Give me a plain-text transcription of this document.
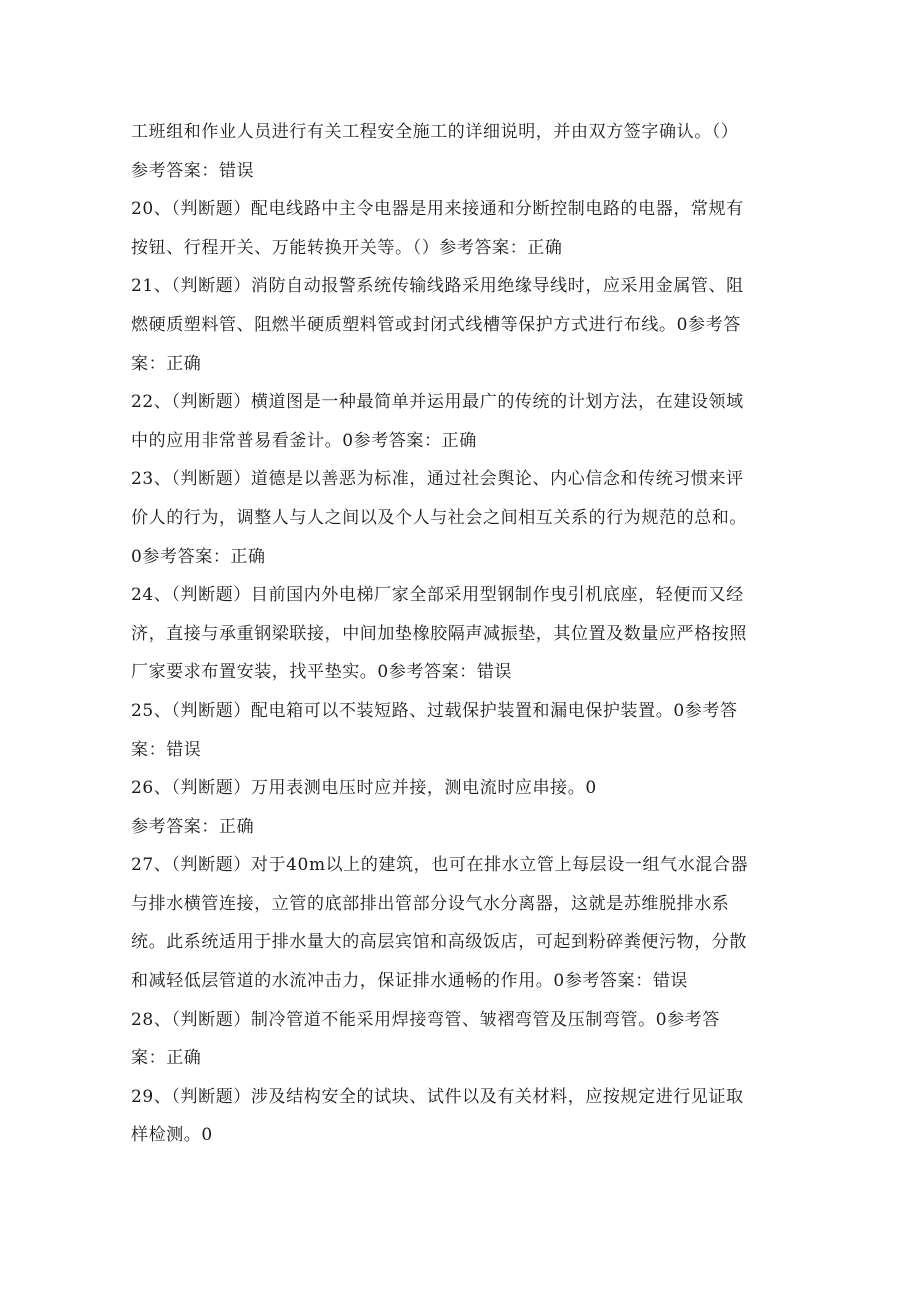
工班组和作业人员进行有关工程安全施工的详细说明，并由双方签字确认。（）
参考答案：错误
20、（判断题）配电线路中主令电器是用来接通和分断控制电路的电器，常规有
按钮、行程开关、万能转换开关等。（）参考答案：正确
21、（判断题）消防自动报警系统传输线路采用绝缘导线时，应采用金属管、阻
燃硬质塑料管、阻燃半硬质塑料管或封闭式线槽等保护方式进行布线。0参考答
案：正确
22、（判断题）横道图是一种最简单并运用最广的传统的计划方法，在建设领域
中的应用非常普易看釜计。0参考答案：正确
23、（判断题）道德是以善恶为标准，通过社会舆论、内心信念和传统习惯来评
价人的行为，调整人与人之间以及个人与社会之间相互关系的行为规范的总和。
0参考答案：正确
24、（判断题）目前国内外电梯厂家全部采用型钢制作曳引机底座，轻便而又经
济，直接与承重钢梁联接，中间加垫橡胶隔声减振垫，其位置及数量应严格按照
厂家要求布置安装，找平垫实。0参考答案：错误
25、（判断题）配电箱可以不装短路、过载保护装置和漏电保护装置。0参考答
案：错误
26、（判断题）万用表测电压时应并接，测电流时应串接。0
参考答案：正确
27、（判断题）对于40m以上的建筑，也可在排水立管上每层设一组气水混合器
与排水横管连接，立管的底部排出管部分设气水分离器，这就是苏维脱排水系
统。此系统适用于排水量大的高层宾馆和高级饭店，可起到粉碎粪便污物，分散
和减轻低层管道的水流冲击力，保证排水通畅的作用。0参考答案：错误
28、（判断题）制冷管道不能采用焊接弯管、皱褶弯管及压制弯管。0参考答
案：正确
29、（判断题）涉及结构安全的试块、试件以及有关材料，应按规定进行见证取
样检测。0
